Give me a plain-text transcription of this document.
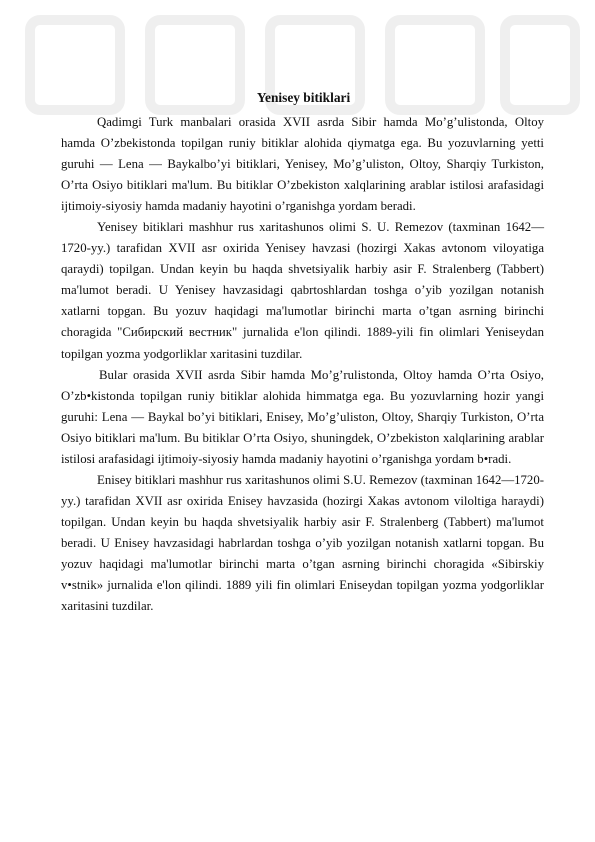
Yenisey bitiklari

Qadimgi Turk manbalari orasida XVII asrda Sibir hamda Mo’g’ulistonda, Oltoy hamda O’zbekistonda topilgan runiy bitiklar alohida qiymatga ega. Bu yozuvlarning yetti guruhi — Lena — Baykalbo’yi bitiklari, Yenisey, Mo’g’uliston, Oltoy, Sharqiy Turkiston, O’rta Osiyo bitiklari ma'lum. Bu bitiklar O’zbekiston xalqlarining arablar istilosi arafasidagi ijtimoiy-siyosiy hamda madaniy hayotini o’rganishga yordam beradi.

Yenisey bitiklari mashhur rus xaritashunos olimi S. U. Remezov (taxminan 1642— 1720-yy.) tarafidan XVII asr oxirida Yenisey havzasi (hozirgi Xakas avtonom viloyatiga qaraydi) topilgan. Undan keyin bu haqda shvetsiyalik harbiy asir F. Stralenberg (Tabbert) ma'lumot beradi. U Yenisey havzasidagi qabrtoshlardan toshga o’yib yozilgan notanish xatlarni topgan. Bu yozuv haqidagi ma'lumotlar birinchi marta o’tgan asrning birinchi choragida "Сибирский вестник" jurnalida e'lon qilindi. 1889-yili fin olimlari Yeniseydan topilgan yozma yodgorliklar xaritasini tuzdilar.

Bular orasida XVII asrda Sibir hamda Mo’g’rulistonda, Oltoy hamda O’rta Osiyo, O’zb•kistonda topilgan runiy bitiklar alohida himmatga ega. Bu yozuvlarning hozir yangi guruhi: Lena — Baykal bo’yi bitiklari, Enisey, Mo’g’uliston, Oltoy, Sharqiy Turkiston, O’rta Osiyo bitiklari ma'lum. Bu bitiklar O’rta Osiyo, shuningdek, O’zbekiston xalqlarining arablar istilosi arafasidagi ijtimoiy-siyosiy hamda madaniy hayotini o’rganishga yordam b•radi.

Enisey bitiklari mashhur rus xaritashunos olimi S.U. Remezov (taxminan 1642—1720-yy.) tarafidan XVII asr oxirida Enisey havzasida (hozirgi Xakas avtonom viloltiga haraydi) topilgan. Undan keyin bu haqda shvetsiyalik harbiy asir F. Stralenberg (Tabbert) ma'lumot beradi. U Enisey havzasidagi habrlardan toshga o’yib yozilgan notanish xatlarni topgan. Bu yozuv haqidagi ma'lumotlar birinchi marta o’tgan asrning birinchi choragida «Sibirskiy v•stnik» jurnalida e'lon qilindi. 1889 yili fin olimlari Eniseydan topilgan yozma yodgorliklar xaritasini tuzdilar.
